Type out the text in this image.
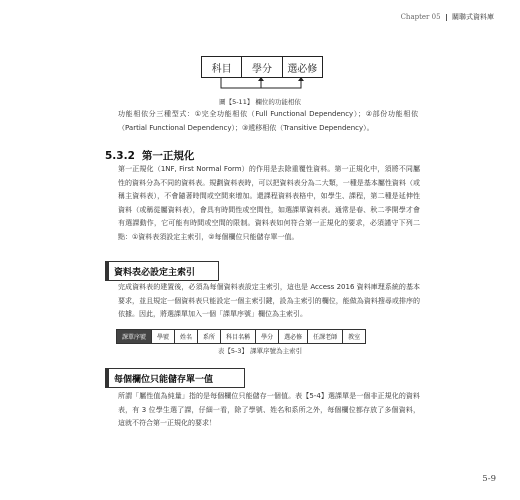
Chapter 05 關聯式資料庫
科目	學分	選必修
圖【5-11】 欄位的功能相依
功能相依分三種型式：①完全功能相依（Full Functional Dependency）；②部份功能相依（Partial Functional Dependency）；③遞移相依（Transitive Dependency）。
5.3.2 第一正規化
第一正規化（1NF, First Normal Form）的作用是去除重覆性資料。第一正規化中，須將不同屬性的資料分為不同的資料表。規劃資料表時，可以把資料表分為二大類，一種是基本屬性資料（或稱主資料表），不會隨著時間或空間來增加。還課程資料表格中，如學生、課程，第二種是延伸性資料（或稱從屬資料表），會具有時間性或空間性，如選課單資料表。通常是春、秋二季開學才會有選課動作，它可能有時間或空間的限制。資料表如何符合第一正規化的要求，必須謹守下列二點：①資料表須設定主索引，②每個欄位只能儲存單一值。
資料表必設定主索引
完成資料表的建置後，必須為每個資料表設定主索引，這也是 Access 2016 資料庫理系統的基本要求，並且規定一個資料表只能設定一個主索引鍵，設為主索引的欄位，能做為資料搜尋或排序的依據。因此，將選課單加入一個「課單序號」欄位為主索引。
課單序號	學號	姓名	系所	科目名稱	學分	選必修	任課老師	教室
表【5-3】 課單序號為主索引
每個欄位只能儲存單一值
所謂「屬性值為純量」指的是每個欄位只能儲存一個值。表【5-4】選課單是一個非正規化的資料表，有 3 位學生選了課，仔細一看，除了學號、姓名和系所之外，每個欄位都存放了多個資料，這就不符合第一正規化的要求！
5-9
